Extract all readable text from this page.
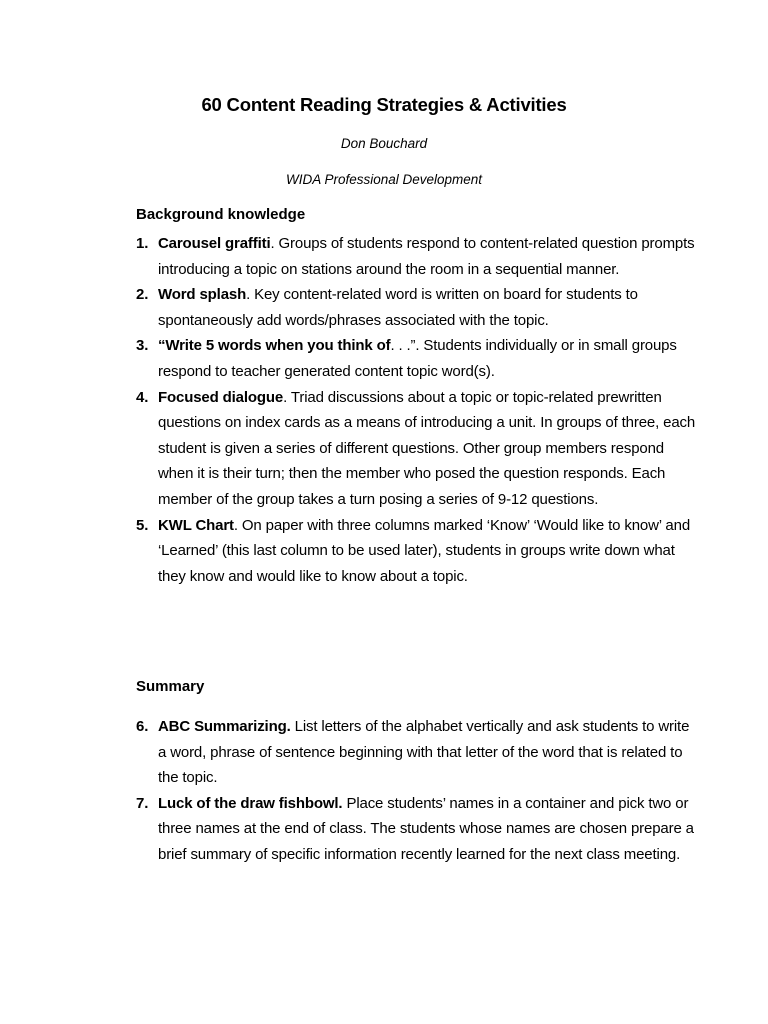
60 Content Reading Strategies & Activities
Don Bouchard
WIDA Professional Development
Background knowledge
1. Carousel graffiti. Groups of students respond to content-related question prompts introducing a topic on stations around the room in a sequential manner.
2. Word splash. Key content-related word is written on board for students to spontaneously add words/phrases associated with the topic.
3. “Write 5 words when you think of. . .”. Students individually or in small groups respond to teacher generated content topic word(s).
4. Focused dialogue. Triad discussions about a topic or topic-related prewritten questions on index cards as a means of introducing a unit. In groups of three, each student is given a series of different questions. Other group members respond when it is their turn; then the member who posed the question responds. Each member of the group takes a turn posing a series of 9-12 questions.
5. KWL Chart. On paper with three columns marked ‘Know’ ‘Would like to know’ and ‘Learned’ (this last column to be used later), students in groups write down what they know and would like to know about a topic.
Summary
6. ABC Summarizing. List letters of the alphabet vertically and ask students to write a word, phrase of sentence beginning with that letter of the word that is related to the topic.
7. Luck of the draw fishbowl. Place students’ names in a container and pick two or three names at the end of class. The students whose names are chosen prepare a brief summary of specific information recently learned for the next class meeting.
